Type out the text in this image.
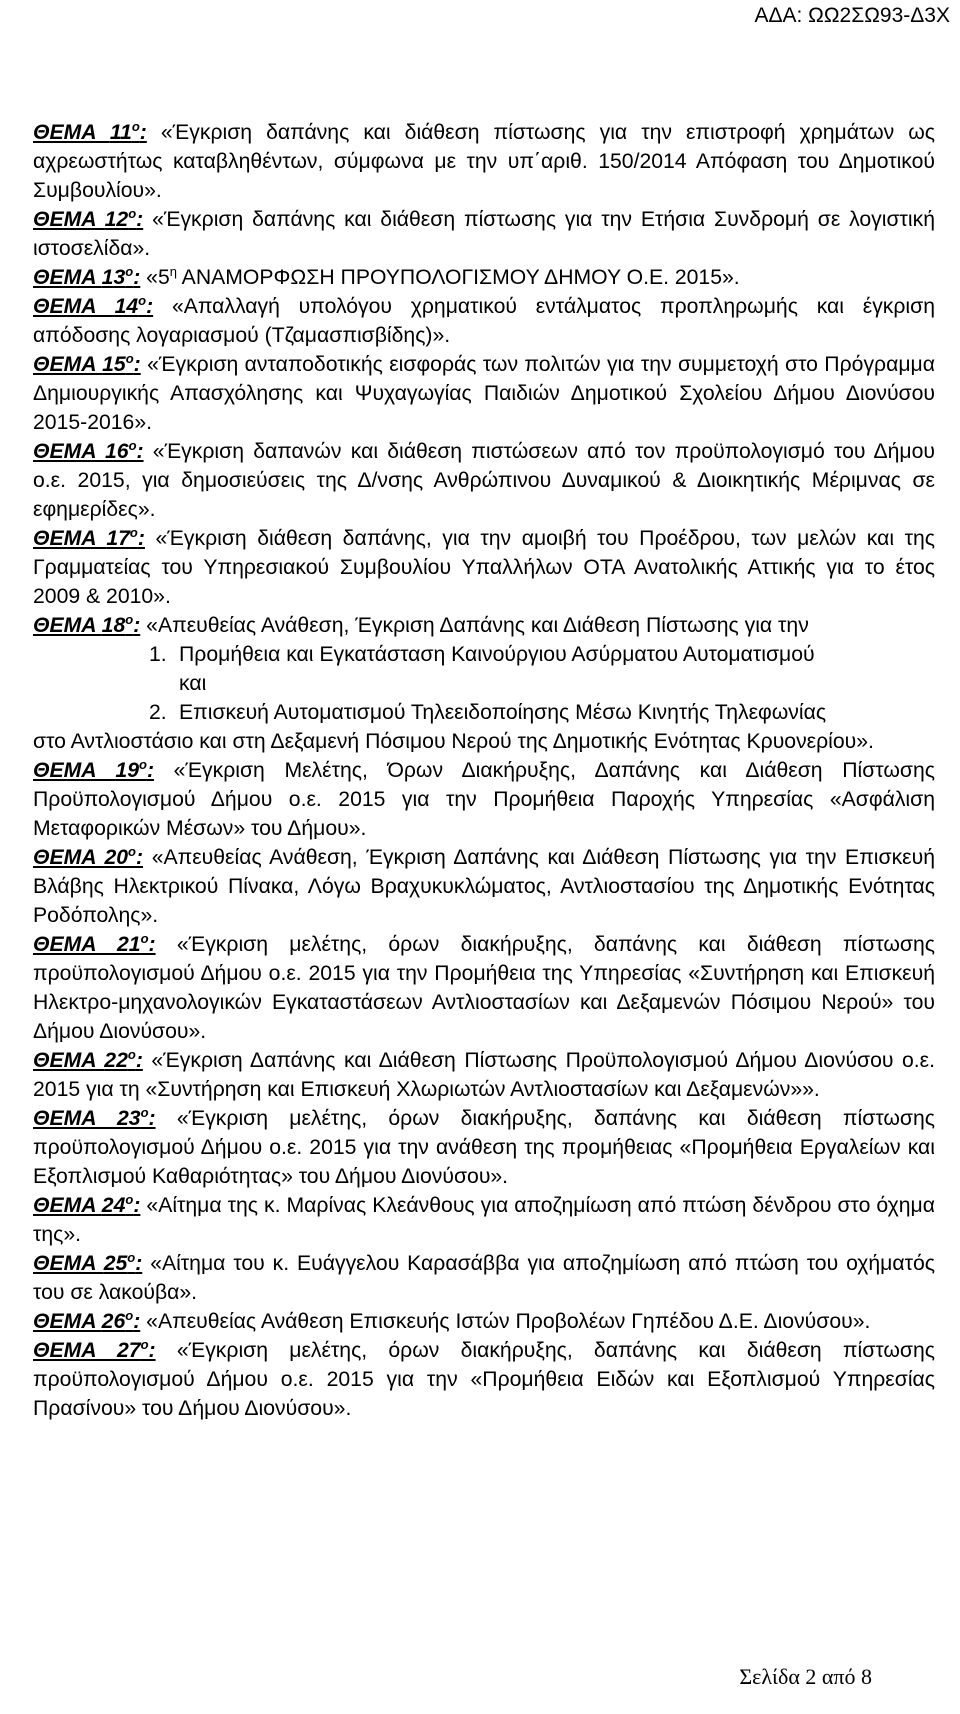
ΑΔΑ: ΩΩ2ΣΩ93-Δ3Χ
ΘΕΜΑ $11^o$: «Έγκριση δαπάνης και διάθεση πίστωσης για την επιστροφή χρημάτων ως αχρεωστήτως καταβληθέντων, σύμφωνα με την υπ΄αριθ. 150/2014 Απόφαση του Δημοτικού Συμβουλίου».
ΘΕΜΑ $12^o$: «Έγκριση δαπάνης και διάθεση πίστωσης για την Ετήσια Συνδρομή σε λογιστική ιστοσελίδα».
ΘΕΜΑ $13^o$: «$5^\eta$ ΑΝΑΜΟΡΦΩΣΗ ΠΡΟΥΠΟΛΟΓΙΣΜΟΥ ΔΗΜΟΥ Ο.Ε. 2015».
ΘΕΜΑ $14^o$: «Απαλλαγή υπολόγου χρηματικού εντάλματος προπληρωμής και έγκριση απόδοσης λογαριασμού (Τζαμασπισβίδης)».
ΘΕΜΑ $15^o$: «Έγκριση ανταποδοτικής εισφοράς των πολιτών για την συμμετοχή στο Πρόγραμμα Δημιουργικής Απασχόλησης και Ψυχαγωγίας Παιδιών Δημοτικού Σχολείου Δήμου Διονύσου 2015-2016».
ΘΕΜΑ $16^o$: «Έγκριση δαπανών και διάθεση πιστώσεων από τον προϋπολογισμό του Δήμου ο.ε. 2015, για δημοσιεύσεις της Δ/νσης Ανθρώπινου Δυναμικού & Διοικητικής Μέριμνας σε εφημερίδες».
ΘΕΜΑ $17^o$: «Έγκριση διάθεση δαπάνης, για την αμοιβή του Προέδρου, των μελών και της Γραμματείας του Υπηρεσιακού Συμβουλίου Υπαλλήλων ΟΤΑ Ανατολικής Αττικής για το έτος 2009 & 2010».
ΘΕΜΑ $18^o$: «Απευθείας Ανάθεση, Έγκριση Δαπάνης και Διάθεση Πίστωσης για την
1. Προμήθεια και Εγκατάσταση Καινούργιου Ασύρματου Αυτοματισμού
και
2. Επισκευή Αυτοματισμού Τηλεειδοποίησης Μέσω Κινητής Τηλεφωνίας
στο Αντλιοστάσιο και στη Δεξαμενή Πόσιμου Νερού της Δημοτικής Ενότητας Κρυονερίου».
ΘΕΜΑ $19^o$: «Έγκριση Μελέτης, Όρων Διακήρυξης, Δαπάνης και Διάθεση Πίστωσης Προϋπολογισμού Δήμου ο.ε. 2015 για την Προμήθεια Παροχής Υπηρεσίας «Ασφάλιση Μεταφορικών Μέσων» του Δήμου».
ΘΕΜΑ $20^o$: «Απευθείας Ανάθεση, Έγκριση Δαπάνης και Διάθεση Πίστωσης για την Επισκευή Βλάβης Ηλεκτρικού Πίνακα, Λόγω Βραχυκυκλώματος, Αντλιοστασίου της Δημοτικής Ενότητας Ροδόπολης».
ΘΕΜΑ $21^o$: «Έγκριση μελέτης, όρων διακήρυξης, δαπάνης και διάθεση πίστωσης προϋπολογισμού Δήμου ο.ε. 2015 για την Προμήθεια της Υπηρεσίας «Συντήρηση και Επισκευή Ηλεκτρο-μηχανολογικών Εγκαταστάσεων Αντλιοστασίων και Δεξαμενών Πόσιμου Νερού» του Δήμου Διονύσου».
ΘΕΜΑ $22^o$: «Έγκριση Δαπάνης και Διάθεση Πίστωσης Προϋπολογισμού Δήμου Διονύσου ο.ε. 2015 για τη «Συντήρηση και Επισκευή Χλωριωτών Αντλιοστασίων και Δεξαμενών»».
ΘΕΜΑ $23^o$: «Έγκριση μελέτης, όρων διακήρυξης, δαπάνης και διάθεση πίστωσης προϋπολογισμού Δήμου ο.ε. 2015 για την ανάθεση της προμήθειας «Προμήθεια Εργαλείων και Εξοπλισμού Καθαριότητας» του Δήμου Διονύσου».
ΘΕΜΑ $24^o$: «Αίτημα της κ. Μαρίνας Κλεάνθους για αποζημίωση από πτώση δένδρου στο όχημα της».
ΘΕΜΑ $25^o$: «Αίτημα του κ. Ευάγγελου Καρασάββα για αποζημίωση από πτώση του οχήματός του σε λακούβα».
ΘΕΜΑ $26^o$: «Απευθείας Ανάθεση Επισκευής Ιστών Προβολέων Γηπέδου Δ.Ε. Διονύσου».
ΘΕΜΑ $27^o$: «Έγκριση μελέτης, όρων διακήρυξης, δαπάνης και διάθεση πίστωσης προϋπολογισμού Δήμου ο.ε. 2015 για την «Προμήθεια Ειδών και Εξοπλισμού Υπηρεσίας Πρασίνου» του Δήμου Διονύσου».
Σελίδα 2 από 8
